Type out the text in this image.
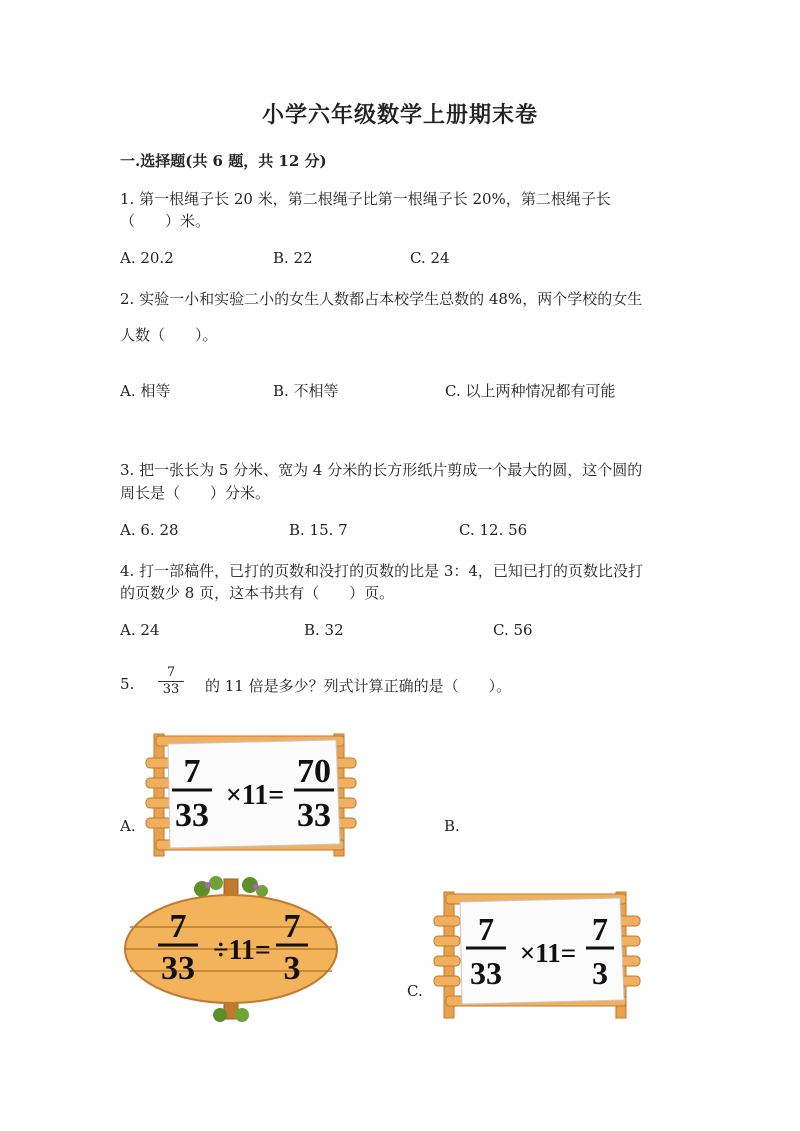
小学六年级数学上册期末卷
一.选择题(共 6 题，共 12 分)
1. 第一根绳子长 20 米，第二根绳子比第一根绳子长 20%，第二根绳子长
（　　）米。
A. 20.2	B. 22	C. 24
2. 实验一小和实验二小的女生人数都占本校学生总数的 48%，两个学校的女生
人数（　　）。
A. 相等	B. 不相等	C. 以上两种情况都有可能
3. 把一张长为 5 分米、宽为 4 分米的长方形纸片剪成一个最大的圆，这个圆的
周长是（　　）分米。
A. 6. 28	B. 15. 7	C. 12. 56
4. 打一部稿件，已打的页数和没打的页数的比是 3：4，已知已打的页数比没打
的页数少 8 页，这本书共有（　　）页。
A. 24	B. 32	C. 56
5. $\frac{7}{33}$ 的 11 倍是多少？列式计算正确的是（　　）。
7
33
×11=
70
33
A.	B.
7
33 ÷11=
7
3
7
33
×11=
7
3
C.
